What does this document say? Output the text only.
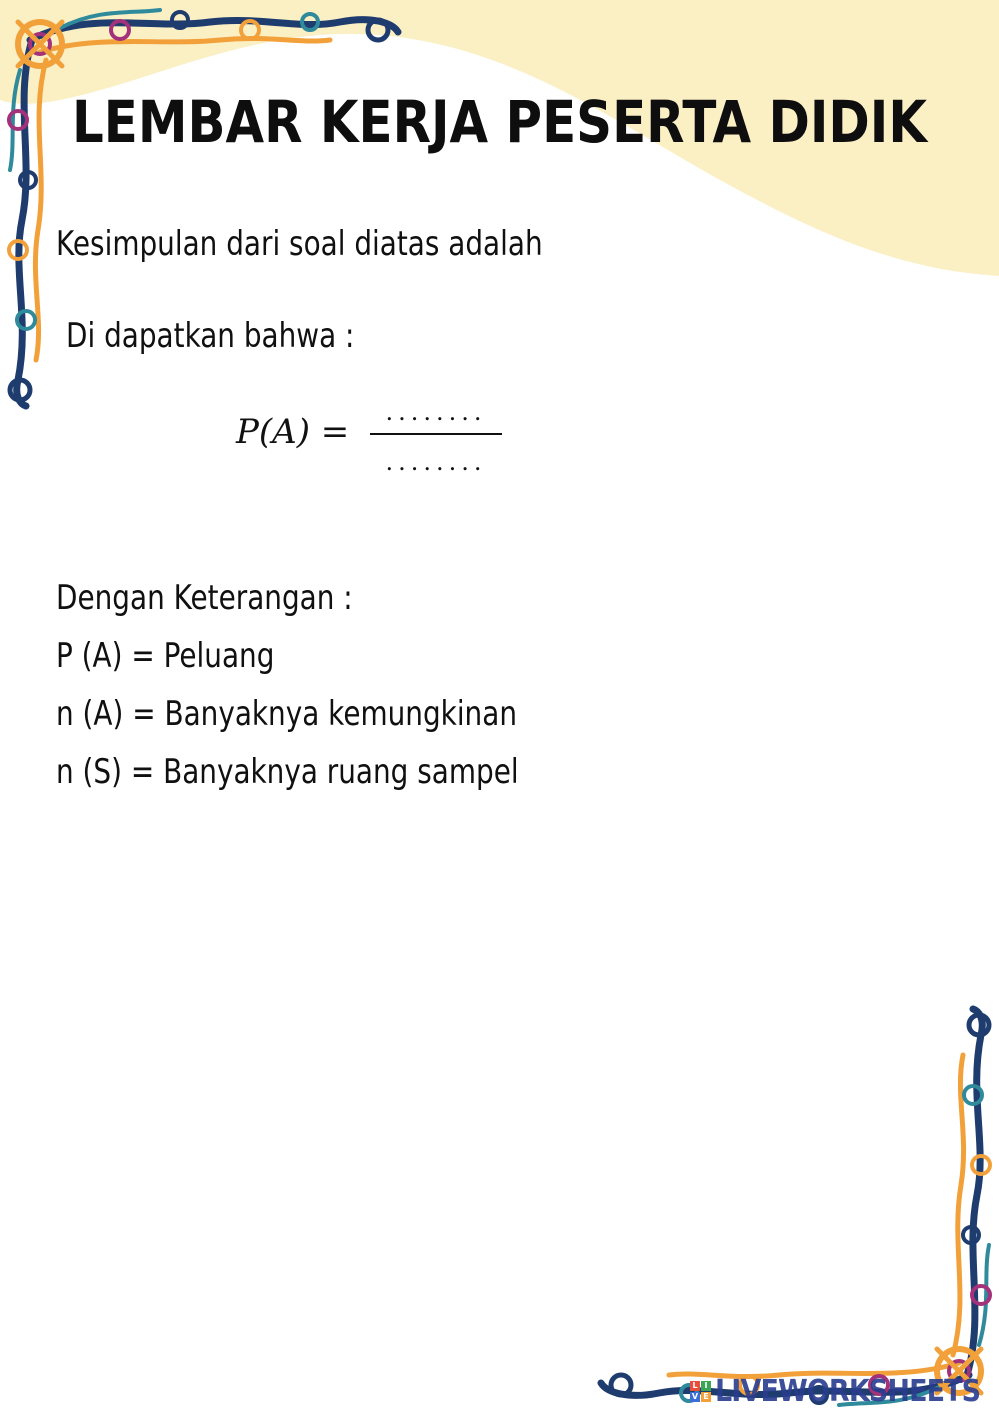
LEMBAR KERJA PESERTA DIDIK
Kesimpulan dari soal diatas adalah
Di dapatkan bahwa :
P(A) =	........
........
Dengan Keterangan :
P (A) = Peluang
n (A) = Banyaknya kemungkinan
n (S) = Banyaknya ruang sampel
L I
V E LIVEWORKSHEETS
